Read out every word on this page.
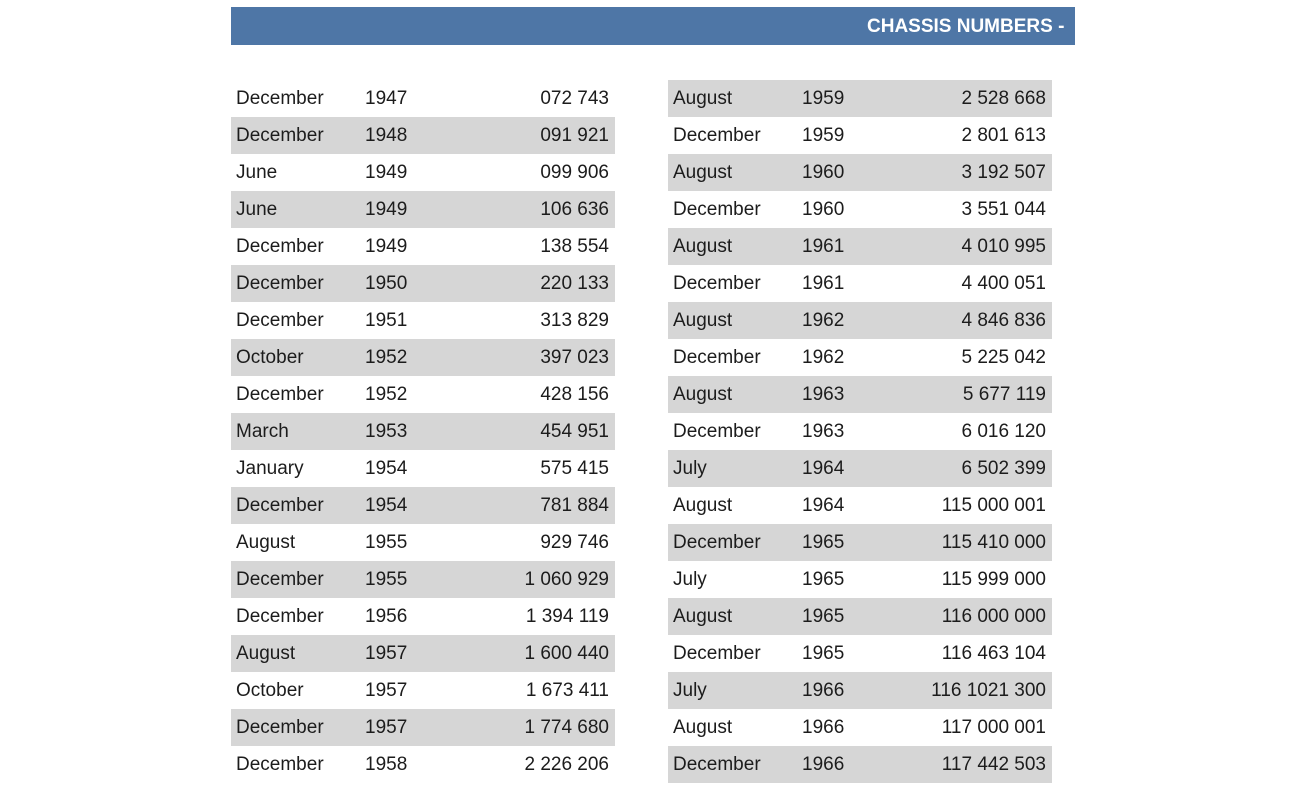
CHASSIS NUMBERS -
December 1947	072 743
December 1948	091 921
June	1949	099 906
June	1949	106 636
December 1949	138 554
December 1950	220 133
December 1951	313 829
October	1952	397 023
December 1952	428 156
March	1953	454 951
January	1954	575 415
December 1954	781 884
August	1955	929 746
December 1955	1 060 929
December 1956	1 394 119
August	1957	1 600 440
October	1957	1 673 411
December 1957	1 774 680
December 1958	2 226 206
August	1959	2 528 668
December 1959	2 801 613
August	1960	3 192 507
December 1960	3 551 044
August	1961	4 010 995
December 1961	4 400 051
August	1962	4 846 836
December 1962	5 225 042
August	1963	5 677 119
December 1963	6 016 120
July	1964	6 502 399
August	1964	115 000 001
December 1965	115 410 000
July	1965	115 999 000
August	1965	116 000 000
December 1965	116 463 104
July	1966	116 1021 300
August	1966	117 000 001
December 1966	117 442 503
